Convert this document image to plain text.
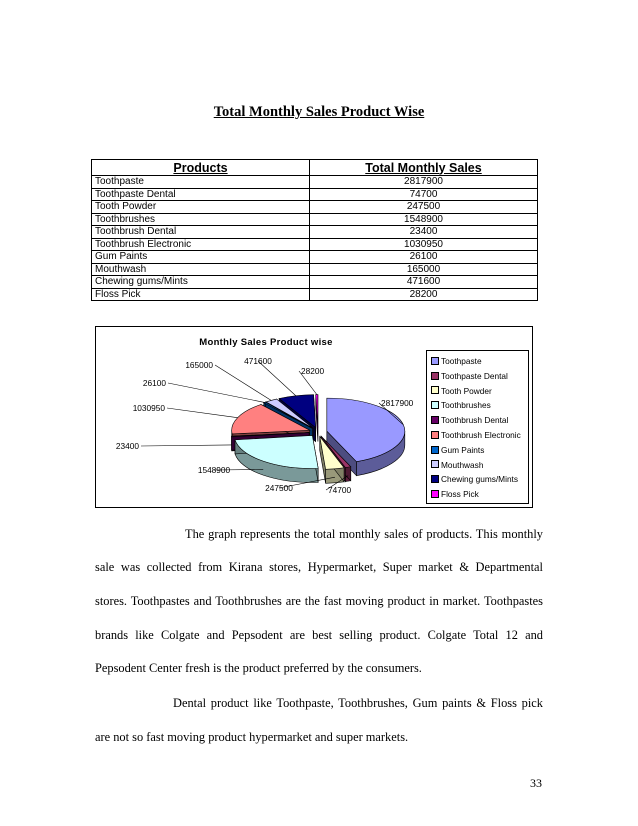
Total Monthly Sales Product Wise
Products	Total Monthly Sales
Toothpaste	2817900
Toothpaste Dental	74700
Tooth Powder	247500
Toothbrushes	1548900
Toothbrush Dental	23400
Toothbrush Electronic	1030950
Gum Paints	26100
Mouthwash	165000
Chewing gums/Mints	471600
Floss Pick	28200
Monthly Sales Product wise
2817900
74700
247500
1548900
23400
1030950
26100
165000	471600
28200
Toothpaste
Toothpaste Dental
Tooth Powder
Toothbrushes
Toothbrush Dental
Toothbrush Electronic
Gum Paints
Mouthwash
Chewing gums/Mints
Floss Pick
The graph represents the total monthly sales of products. This monthly
sale was collected from Kirana stores, Hypermarket, Super market & Departmental
stores. Toothpastes and Toothbrushes are the fast moving product in market. Toothpastes
brands like Colgate and Pepsodent are best selling product. Colgate Total 12 and
Pepsodent Center fresh is the product preferred by the consumers.
Dental product like Toothpaste, Toothbrushes, Gum paints & Floss pick
are not so fast moving product hypermarket and super markets.
33
